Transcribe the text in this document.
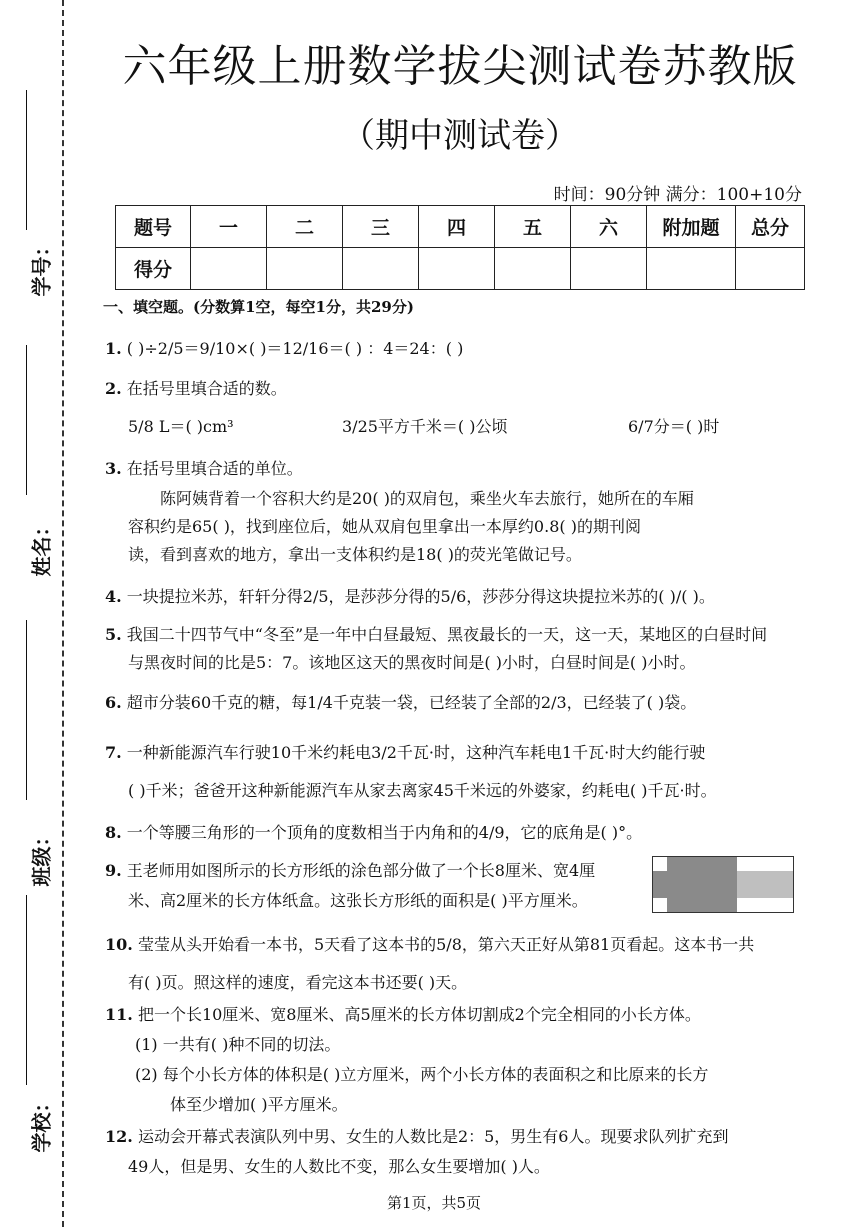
学号：
姓名：
班级：
学校：
六年级上册数学拔尖测试卷苏教版
（期中测试卷）
时间：90分钟 满分：100+10分
题号	一	二	三	四	五	六	附加题	总分
得分								
一、填空题。(分数算1空，每空1分，共29分)
1. ( )÷2/5＝9/10×( )＝12/16＝( ) ：4＝24：( )
2. 在括号里填合适的数。
5/8 L＝( )cm³	3/25平方千米＝( )公顷	6/7分＝( )时
3. 在括号里填合适的单位。
陈阿姨背着一个容积大约是20( )的双肩包，乘坐火车去旅行，她所在的车厢
容积约是65( )，找到座位后，她从双肩包里拿出一本厚约0.8( )的期刊阅
读，看到喜欢的地方，拿出一支体积约是18( )的荧光笔做记号。
4. 一块提拉米苏，轩轩分得2/5，是莎莎分得的5/6，莎莎分得这块提拉米苏的( )/( )。
5. 我国二十四节气中“冬至”是一年中白昼最短、黑夜最长的一天，这一天，某地区的白昼时间
与黑夜时间的比是5：7。该地区这天的黑夜时间是( )小时，白昼时间是( )小时。
6. 超市分装60千克的糖，每1/4千克装一袋，已经装了全部的2/3，已经装了( )袋。
7. 一种新能源汽车行驶10千米约耗电3/2千瓦·时，这种汽车耗电1千瓦·时大约能行驶
( )千米；爸爸开这种新能源汽车从家去离家45千米远的外婆家，约耗电( )千瓦·时。
8. 一个等腰三角形的一个顶角的度数相当于内角和的4/9，它的底角是( )°。
9. 王老师用如图所示的长方形纸的涂色部分做了一个长8厘米、宽4厘
米、高2厘米的长方体纸盒。这张长方形纸的面积是( )平方厘米。
10. 莹莹从头开始看一本书，5天看了这本书的5/8，第六天正好从第81页看起。这本书一共
有( )页。照这样的速度，看完这本书还要( )天。
11. 把一个长10厘米、宽8厘米、高5厘米的长方体切割成2个完全相同的小长方体。
(1) 一共有( )种不同的切法。
(2) 每个小长方体的体积是( )立方厘米，两个小长方体的表面积之和比原来的长方
体至少增加( )平方厘米。
12. 运动会开幕式表演队列中男、女生的人数比是2：5，男生有6人。现要求队列扩充到
49人，但是男、女生的人数比不变，那么女生要增加( )人。
第1页，共5页
